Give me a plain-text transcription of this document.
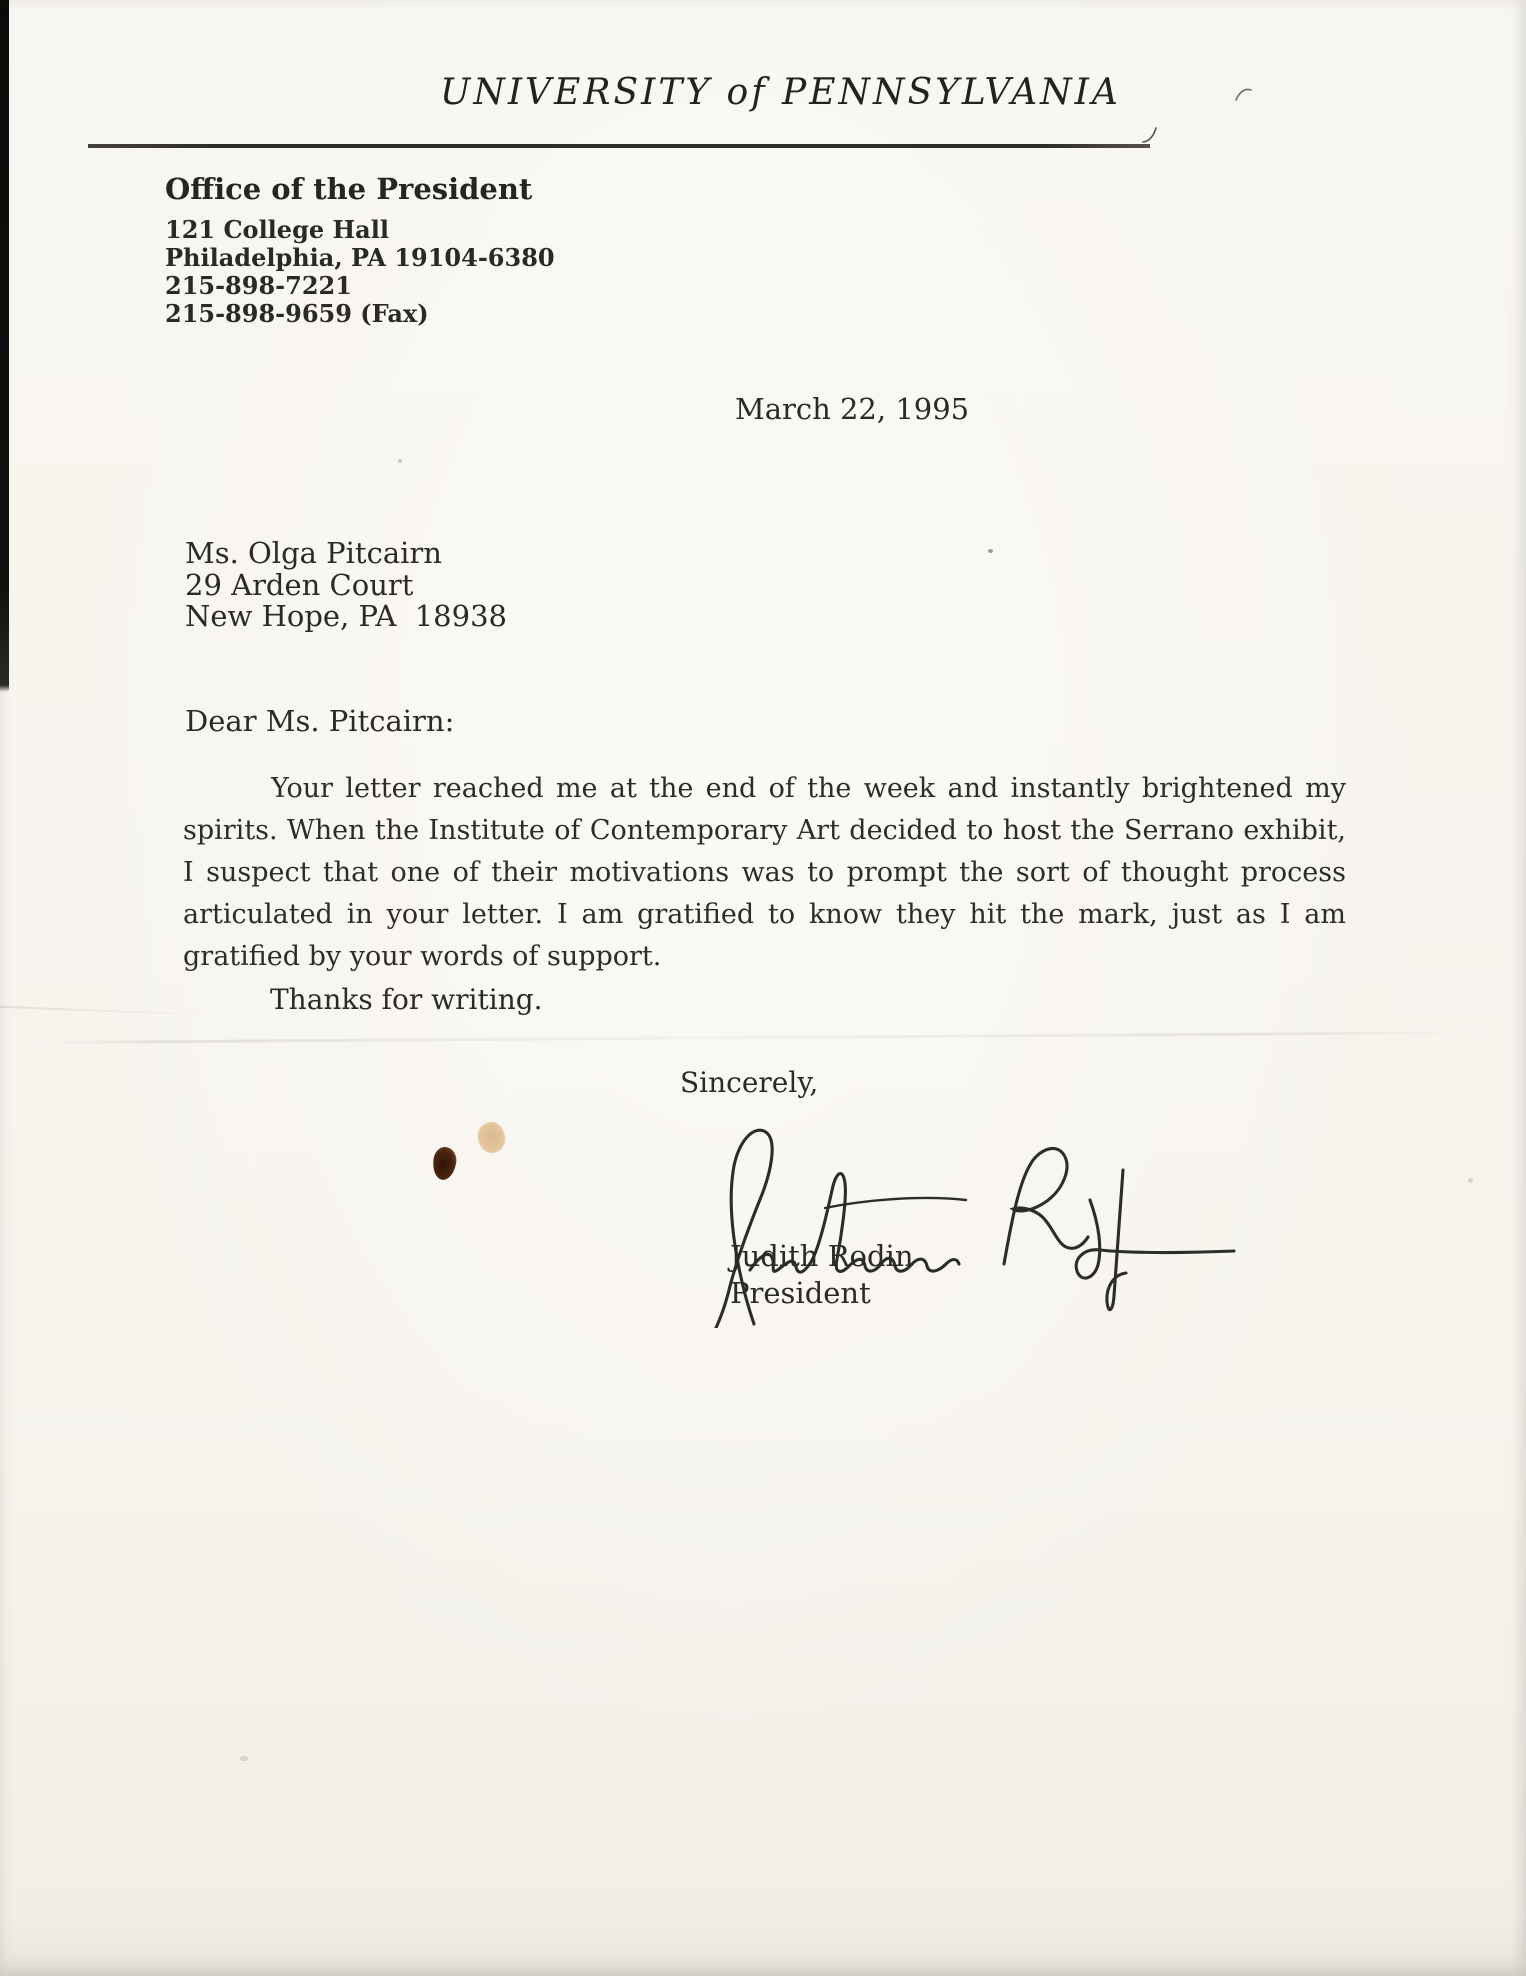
UNIVERSITY of PENNSYLVANIA
Office of the President
121 College Hall
Philadelphia, PA 19104-6380
215-898-7221
215-898-9659 (Fax)
March 22, 1995
Ms. Olga Pitcairn
29 Arden Court
New Hope, PA  18938
Dear Ms. Pitcairn:
Your letter reached me at the end of the week and instantly brightened my
spirits. When the Institute of Contemporary Art decided to host the Serrano exhibit,
I suspect that one of their motivations was to prompt the sort of thought process
articulated in your letter. I am gratified to know they hit the mark, just as I am
gratified by your words of support.
Thanks for writing.
Sincerely,
Judith Rodin
President
